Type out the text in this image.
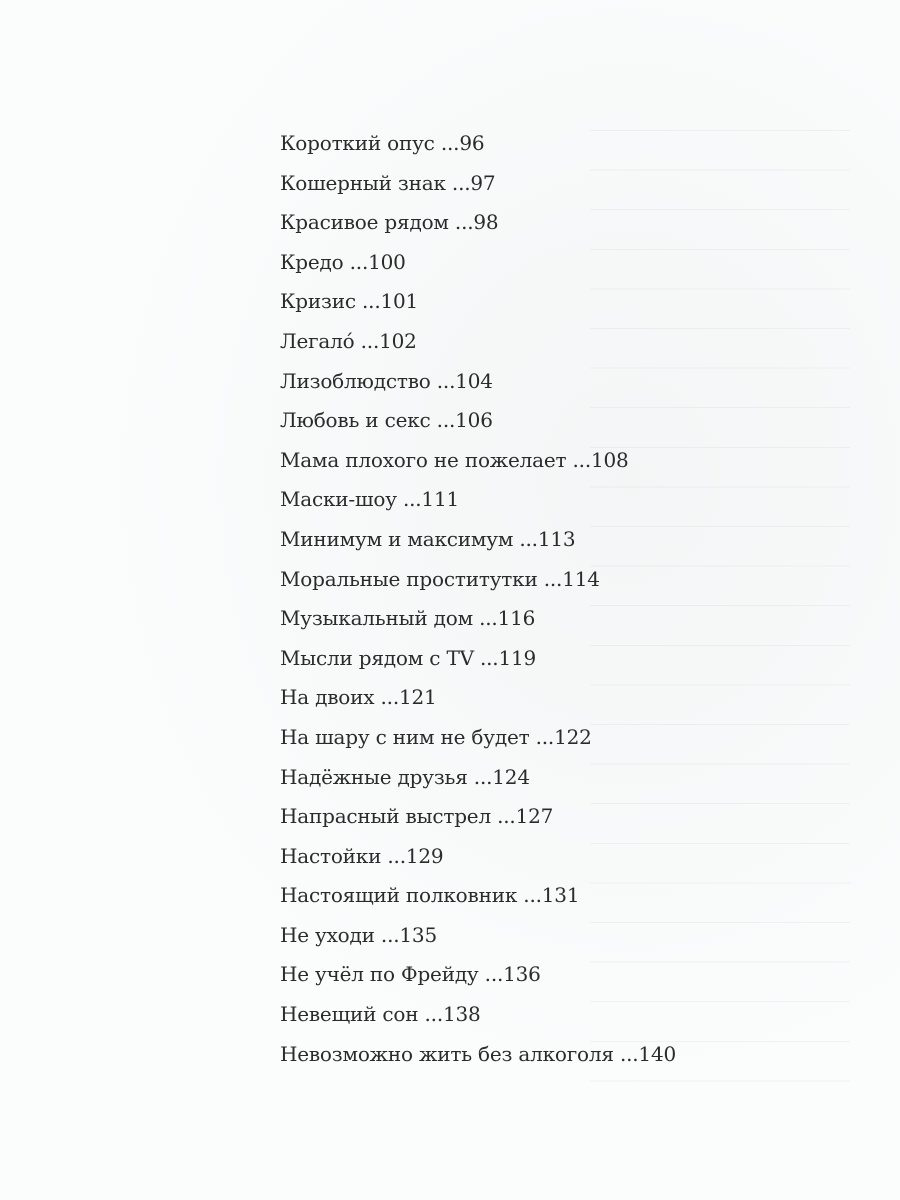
Короткий опус ...96
Кошерный знак ...97
Красивое рядом ...98
Кредо ...100
Кризис ...101
Легало́ ...102
Лизоблюдство ...104
Любовь и секс ...106
Мама плохого не пожелает ...108
Маски-шоу ...111
Минимум и максимум ...113
Моральные проститутки ...114
Музыкальный дом ...116
Мысли рядом с TV ...119
На двоих ...121
На шару с ним не будет ...122
Надёжные друзья ...124
Напрасный выстрел ...127
Настойки ...129
Настоящий полковник ...131
Не уходи ...135
Не учёл по Фрейду ...136
Невещий сон ...138
Невозможно жить без алкоголя ...140
